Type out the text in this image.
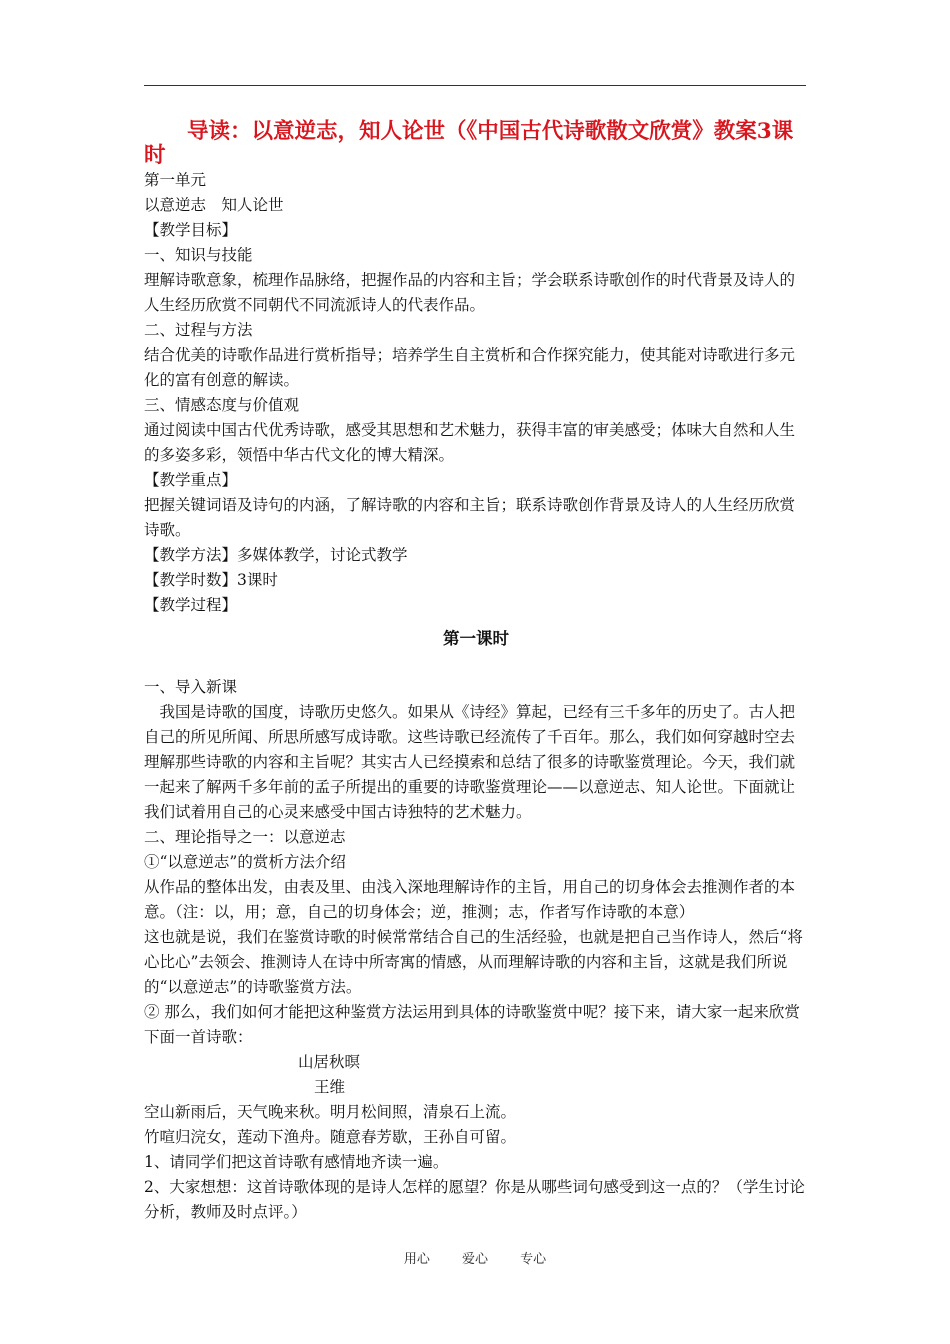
导读：以意逆志，知人论世（《中国古代诗歌散文欣赏》教案3课时

第一单元

以意逆志　知人论世

【教学目标】

一、知识与技能

理解诗歌意象，梳理作品脉络，把握作品的内容和主旨；学会联系诗歌创作的时代背景及诗人的人生经历欣赏不同朝代不同流派诗人的代表作品。

二、过程与方法

结合优美的诗歌作品进行赏析指导；培养学生自主赏析和合作探究能力，使其能对诗歌进行多元化的富有创意的解读。

三、情感态度与价值观

通过阅读中国古代优秀诗歌，感受其思想和艺术魅力，获得丰富的审美感受；体味大自然和人生的多姿多彩，领悟中华古代文化的博大精深。

【教学重点】

把握关键词语及诗句的内涵，了解诗歌的内容和主旨；联系诗歌创作背景及诗人的人生经历欣赏诗歌。

【教学方法】多媒体教学，讨论式教学

【教学时数】3课时

【教学过程】

第一课时

一、导入新课

我国是诗歌的国度，诗歌历史悠久。如果从《诗经》算起，已经有三千多年的历史了。古人把自己的所见所闻、所思所感写成诗歌。这些诗歌已经流传了千百年。那么，我们如何穿越时空去理解那些诗歌的内容和主旨呢？其实古人已经摸索和总结了很多的诗歌鉴赏理论。今天，我们就一起来了解两千多年前的孟子所提出的重要的诗歌鉴赏理论——以意逆志、知人论世。下面就让我们试着用自己的心灵来感受中国古诗独特的艺术魅力。

二、理论指导之一：以意逆志

①“以意逆志”的赏析方法介绍

从作品的整体出发，由表及里、由浅入深地理解诗作的主旨，用自己的切身体会去推测作者的本意。（注：以，用；意，自己的切身体会；逆，推测；志，作者写作诗歌的本意）

这也就是说，我们在鉴赏诗歌的时候常常结合自己的生活经验，也就是把自己当作诗人，然后“将心比心”去领会、推测诗人在诗中所寄寓的情感，从而理解诗歌的内容和主旨，这就是我们所说的“以意逆志”的诗歌鉴赏方法。

② 那么，我们如何才能把这种鉴赏方法运用到具体的诗歌鉴赏中呢？接下来，请大家一起来欣赏下面一首诗歌：

山居秋暝

王维

空山新雨后，天气晚来秋。明月松间照，清泉石上流。

竹喧归浣女，莲动下渔舟。随意春芳歇，王孙自可留。

1、请同学们把这首诗歌有感情地齐读一遍。

2、大家想想：这首诗歌体现的是诗人怎样的愿望？你是从哪些词句感受到这一点的？（学生讨论分析，教师及时点评。）

用心 爱心 专心
